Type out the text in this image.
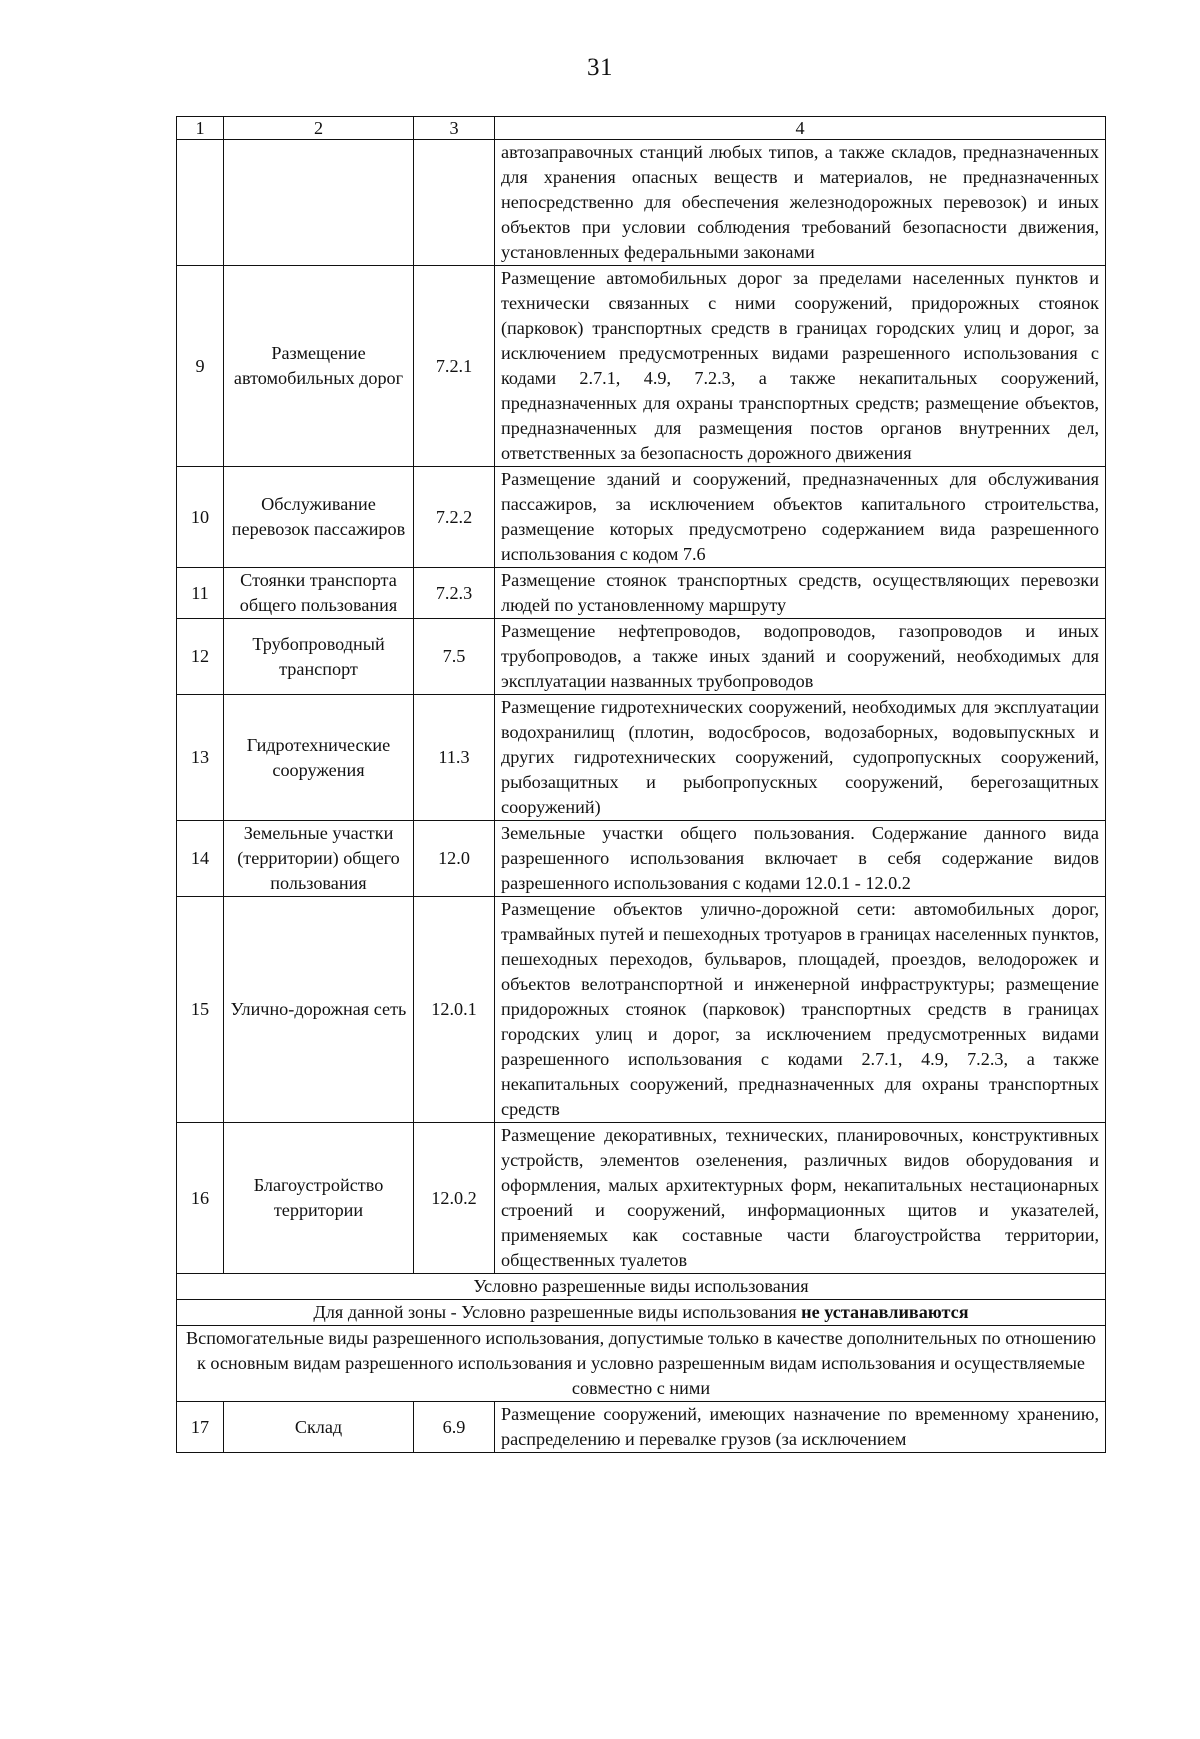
31
1	2	3	4
			автозаправочных станций любых типов, а также складов, предназначенных для хранения опасных веществ и материалов, не предназначенных непосредственно для обеспечения железнодорожных перевозок) и иных объектов при условии соблюдения требований безопасности движения, установленных федеральными законами
9	Размещение автомобильных дорог	7.2.1	Размещение автомобильных дорог за пределами населенных пунктов и технически связанных с ними сооружений, придорожных стоянок (парковок) транспортных средств в границах городских улиц и дорог, за исключением предусмотренных видами разрешенного использования с кодами 2.7.1, 4.9, 7.2.3, а также некапитальных сооружений, предназначенных для охраны транспортных средств; размещение объектов, предназначенных для размещения постов органов внутренних дел, ответственных за безопасность дорожного движения
10	Обслуживание перевозок пассажиров	7.2.2	Размещение зданий и сооружений, предназначенных для обслуживания пассажиров, за исключением объектов капитального строительства, размещение которых предусмотрено содержанием вида разрешенного использования с кодом 7.6
11	Стоянки транспорта общего пользования	7.2.3	Размещение стоянок транспортных средств, осуществляющих перевозки людей по установленному маршруту
12	Трубопроводный транспорт	7.5	Размещение нефтепроводов, водопроводов, газопроводов и иных трубопроводов, а также иных зданий и сооружений, необходимых для эксплуатации названных трубопроводов
13	Гидротехнические сооружения	11.3	Размещение гидротехнических сооружений, необходимых для эксплуатации водохранилищ (плотин, водосбросов, водозаборных, водовыпускных и других гидротехнических сооружений, судопропускных сооружений, рыбозащитных и рыбопропускных сооружений, берегозащитных сооружений)
14	Земельные участки (территории) общего пользования	12.0	Земельные участки общего пользования. Содержание данного вида разрешенного использования включает в себя содержание видов разрешенного использования с кодами 12.0.1 - 12.0.2
15	Улично-дорожная сеть	12.0.1	Размещение объектов улично-дорожной сети: автомобильных дорог, трамвайных путей и пешеходных тротуаров в границах населенных пунктов, пешеходных переходов, бульваров, площадей, проездов, велодорожек и объектов велотранспортной и инженерной инфраструктуры; размещение придорожных стоянок (парковок) транспортных средств в границах городских улиц и дорог, за исключением предусмотренных видами разрешенного использования с кодами 2.7.1, 4.9, 7.2.3, а также некапитальных сооружений, предназначенных для охраны транспортных средств
16	Благоустройство территории	12.0.2	Размещение декоративных, технических, планировочных, конструктивных устройств, элементов озеленения, различных видов оборудования и оформления, малых архитектурных форм, некапитальных нестационарных строений и сооружений, информационных щитов и указателей, применяемых как составные части благоустройства территории, общественных туалетов
Условно разрешенные виды использования			
Для данной зоны - Условно разрешенные виды использования не устанавливаются			
Вспомогательные виды разрешенного использования, допустимые только в качестве дополнительных по отношению к основным видам разрешенного использования и условно разрешенным видам использования и осуществляемые совместно с ними			
17	Склад	6.9	Размещение сооружений, имеющих назначение по временному хранению, распределению и перевалке грузов (за исключением
